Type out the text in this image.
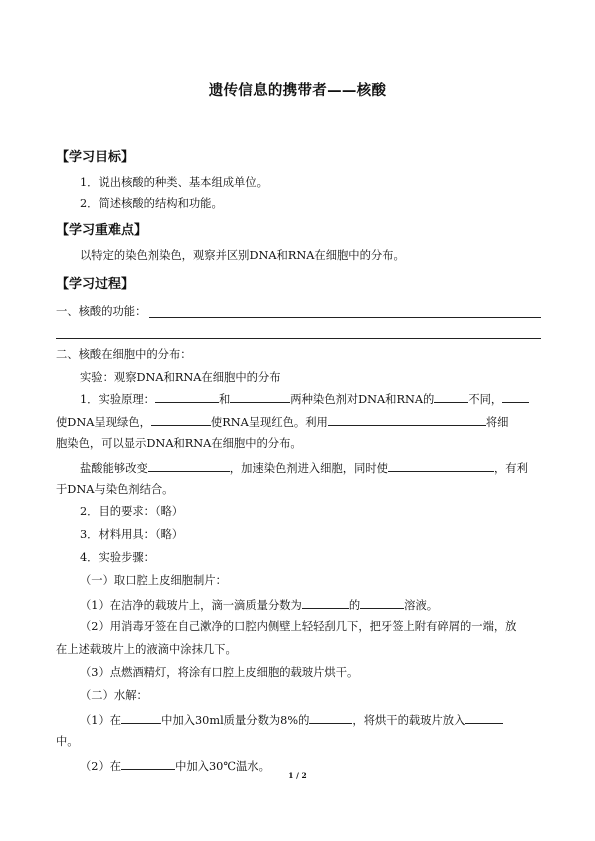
遗传信息的携带者——核酸
【学习目标】
1．说出核酸的种类、基本组成单位。
2．简述核酸的结构和功能。
【学习重难点】
以特定的染色剂染色，观察并区别DNA和RNA在细胞中的分布。
【学习过程】
一、核酸的功能：
二、核酸在细胞中的分布：
实验：观察DNA和RNA在细胞中的分布
1．实验原理：	和	两种染色剂对DNA和RNA的	不同，
使DNA呈现绿色，	使RNA呈现红色。利用	将细
胞染色，可以显示DNA和RNA在细胞中的分布。
盐酸能够改变	，加速染色剂进入细胞，同时使	，有利
于DNA与染色剂结合。
2．目的要求：（略）
3．材料用具：（略）
4．实验步骤：
（一）取口腔上皮细胞制片：
（1）在洁净的载玻片上，滴一滴质量分数为	的	溶液。
（2）用消毒牙签在自己漱净的口腔内侧壁上轻轻刮几下，把牙签上附有碎屑的一端，放
在上述载玻片上的液滴中涂抹几下。
（3）点燃酒精灯，将涂有口腔上皮细胞的载玻片烘干。
（二）水解：
（1）在	中加入30ml质量分数为8%的	，将烘干的载玻片放入
中。
（2）在	中加入30℃温水。
1 / 2
